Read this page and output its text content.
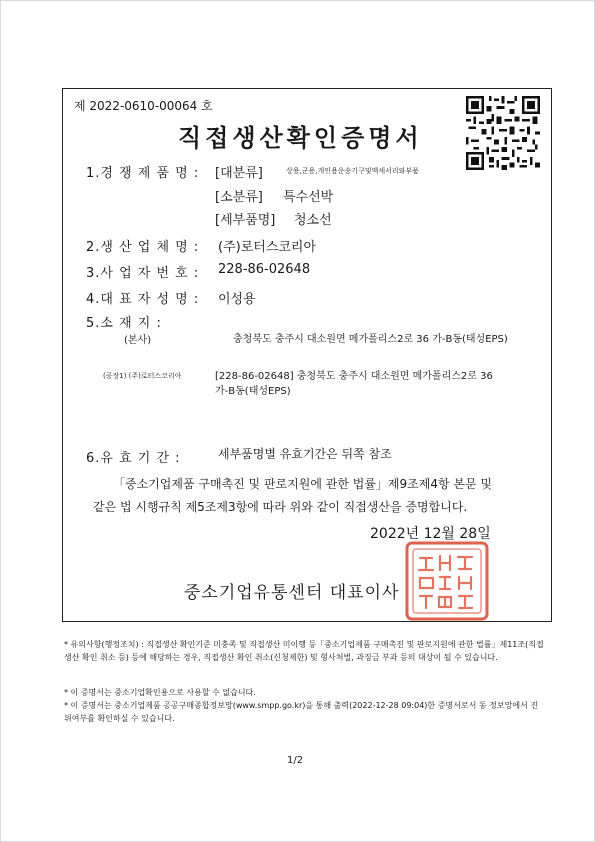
제 2022-0610-00064 호
직접생산확인증명서
1.경 쟁 제 품 명 : [대분류]	상용,군용,개인용운송기구및액세서리와부품
[소분류] 특수선박
[세부품명] 청소선
2.생 산 업 체 명 : (주)로터스코리아
3.사 업 자 번 호 : 228-86-02648
4.대 표 자 성 명 : 이성용
5.소 재 지 :
(본사)	충청북도 충주시 대소원면 메가폴리스2로 36 가-B동(태성EPS)
(공장1) (주)로터스코리아	[228-86-02648] 충청북도 충주시 대소원면 메가폴리스2로 36
가-B동(태성EPS)
6.유 효 기 간 :	세부품명별 유효기간은 뒤쪽 참조
「중소기업제품 구매촉진 및 판로지원에 관한 법률」제9조제4항 본문 및
같은 법 시행규칙 제5조제3항에 따라 위와 같이 직접생산을 증명합니다.
2022년 12월 28일
중소기업유통센터 대표이사
* 유의사항(행정조치) : 직접생산 확인기준 미충족 및 직접생산 미이행 등「중소기업제품 구매촉진 및 판로지원에 관한 법률」제11조(직접생산 확인 취소 등) 등에 해당하는 경우, 직접생산 확인 취소(신청제한) 및 형사처벌, 과징금 부과 등의 대상이 될 수 있습니다.
* 이 증명서는 중소기업확인용으로 사용할 수 없습니다.
* 이 증명서는 중소기업제품 공공구매종합정보망(www.smpp.go.kr)을 통해 출력(2022-12-28 09:04)한 증명서로서 동 정보망에서 진위여부를 확인하실 수 있습니다.
1/2
